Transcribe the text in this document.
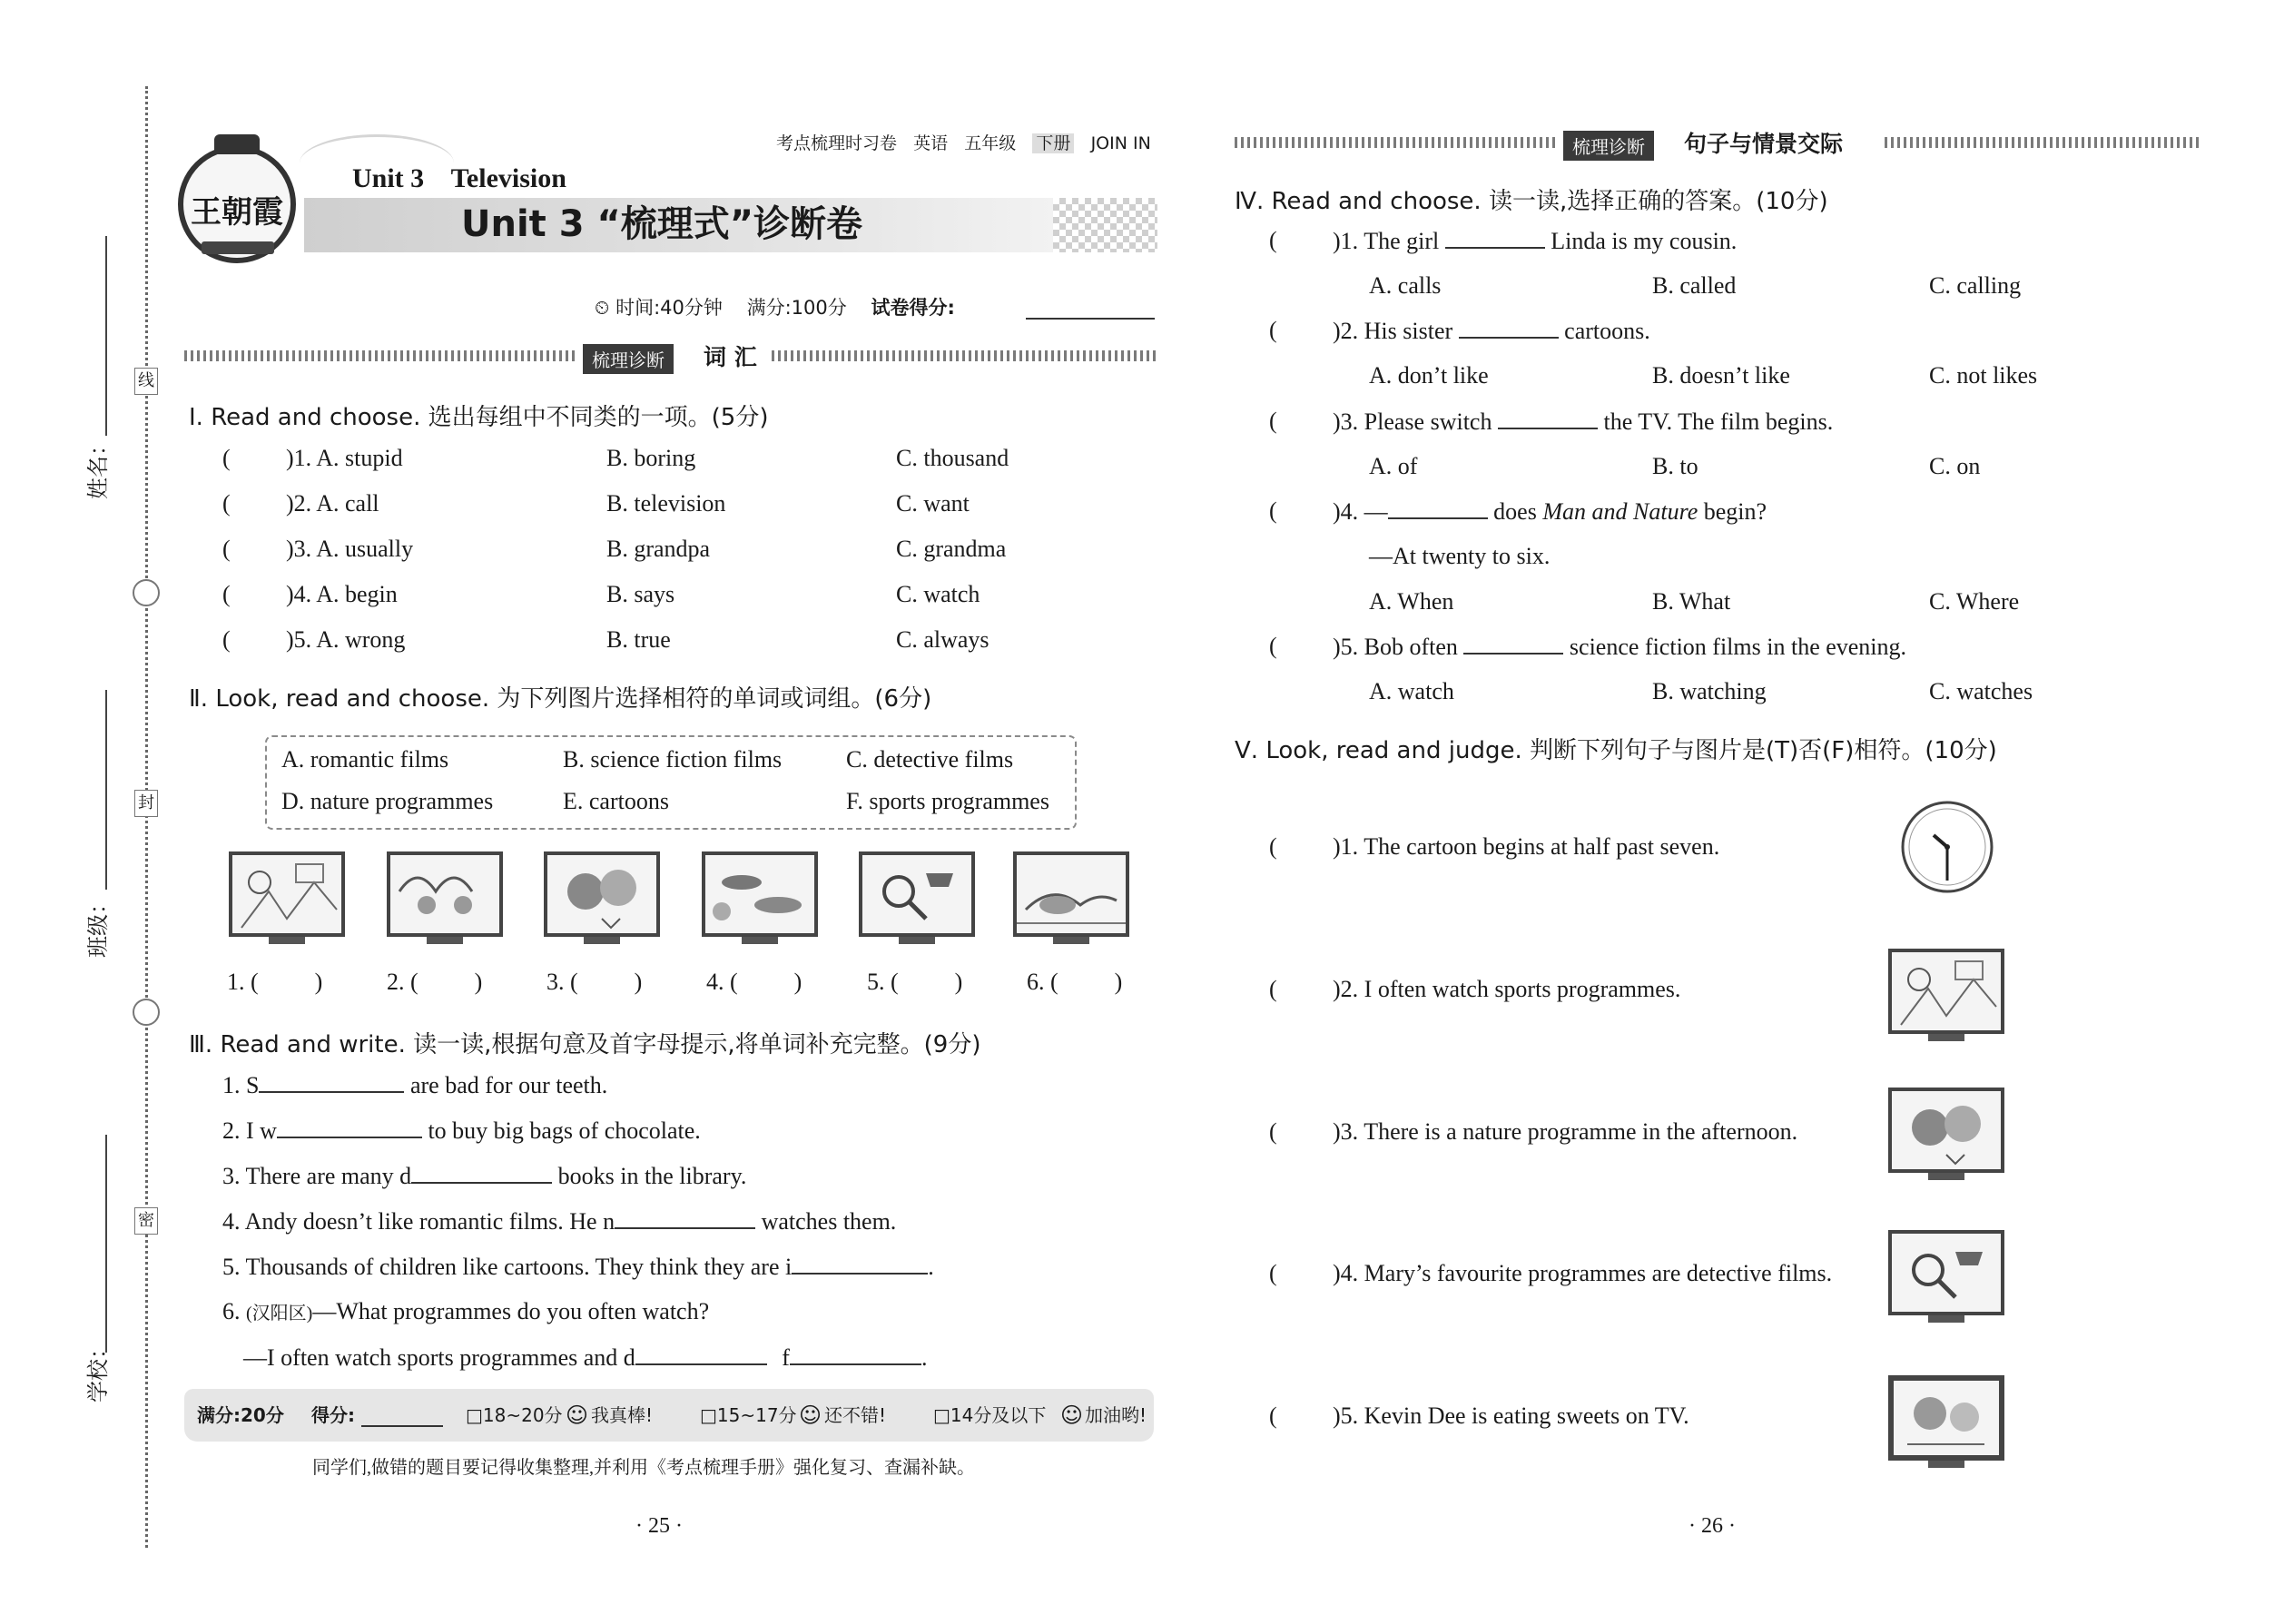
姓名：
班级：
学校：
线
封
密
考点梳理时习卷 英语 五年级 下册 JOIN IN
王朝霞
Unit 3 Television
Unit 3 “梳理式”诊断卷
⏲ 时间:40分钟 满分:100分 试卷得分:
梳理诊断	词 汇
Ⅰ. Read and choose. 选出每组中不同类的一项。(5分)
( )1. A. stupid	B. boring	C. thousand
( )2. A. call	B. television	C. want
( )3. A. usually	B. grandpa	C. grandma
( )4. A. begin	B. says	C. watch
( )5. A. wrong	B. true	C. always
Ⅱ. Look, read and choose. 为下列图片选择相符的单词或词组。(6分)
A. romantic films	B. science fiction films	C. detective films
D. nature programmes	E. cartoons	F. sports programmes
1. ( )	2. ( )	3. ( )	4. ( )	5. ( )	6. ( )
Ⅲ. Read and write. 读一读,根据句意及首字母提示,将单词补充完整。(9分)
1. S	are bad for our teeth.
2. I w	to buy big bags of chocolate.
3. There are many d	books in the library.
4. Andy doesn’t like romantic films. He n	watches them.
5. Thousands of children like cartoons. They think they are i	.
6. (汉阳区)—What programmes do you often watch?
—I often watch sports programmes and d	f	.
满分:20分 得分:	□18~20分 ☺ 我真棒!	□15~17分 ☺ 还不错!	□14分及以下 ☺ 加油哟!
同学们,做错的题目要记得收集整理,并利用《考点梳理手册》强化复习、查漏补缺。
· 25 ·
梳理诊断	句子与情景交际
Ⅳ. Read and choose. 读一读,选择正确的答案。(10分)
( )1. The girl	Linda is my cousin.
A. calls	B. called	C. calling
( )2. His sister	cartoons.
A. don’t like	B. doesn’t like	C. not likes
( )3. Please switch	the TV. The film begins.
A. of	B. to	C. on
( )4. —	does Man and Nature begin?
—At twenty to six.
A. When	B. What	C. Where
( )5. Bob often	science fiction films in the evening.
A. watch	B. watching	C. watches
Ⅴ. Look, read and judge. 判断下列句子与图片是(T)否(F)相符。(10分)
( )1. The cartoon begins at half past seven.
( )2. I often watch sports programmes.
( )3. There is a nature programme in the afternoon.
( )4. Mary’s favourite programmes are detective films.
( )5. Kevin Dee is eating sweets on TV.
· 26 ·
